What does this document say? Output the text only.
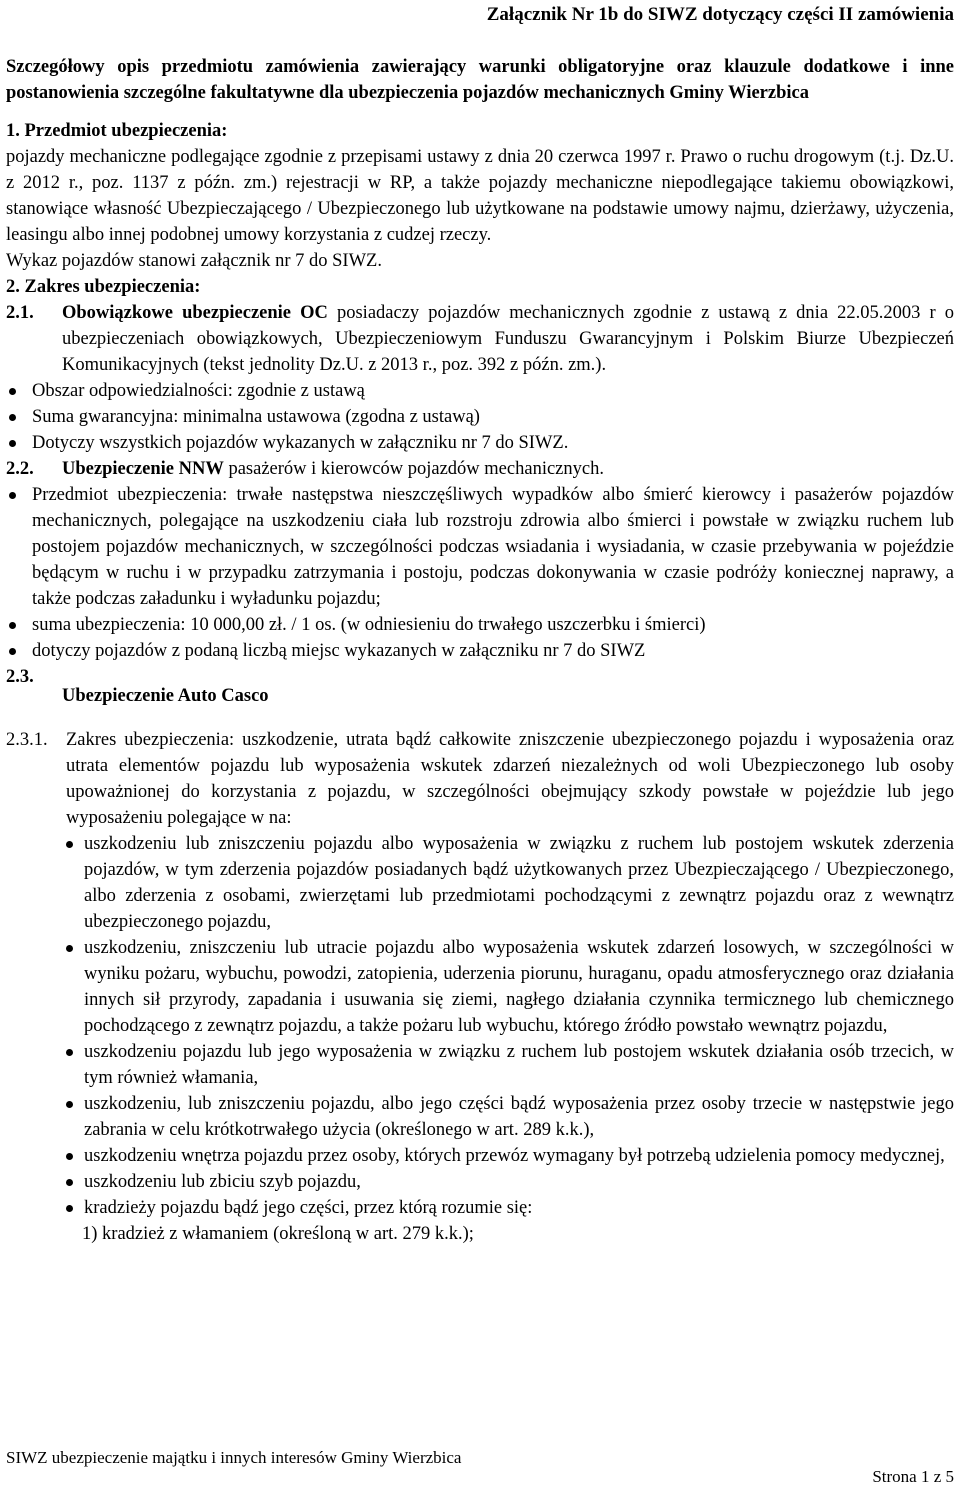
Załącznik Nr 1b do SIWZ dotyczący części II zamówienia

Szczegółowy opis przedmiotu zamówienia zawierający warunki obligatoryjne oraz klauzule dodatkowe i inne postanowienia szczególne fakultatywne dla ubezpieczenia pojazdów mechanicznych Gminy Wierzbica

1. Przedmiot ubezpieczenia:

pojazdy mechaniczne podlegające zgodnie z przepisami ustawy z dnia 20 czerwca 1997 r. Prawo o ruchu drogowym (t.j. Dz.U. z 2012 r., poz. 1137 z późn. zm.) rejestracji w RP, a także pojazdy mechaniczne niepodlegające takiemu obowiązkowi, stanowiące własność Ubezpieczającego / Ubezpieczonego lub użytkowane na podstawie umowy najmu, dzierżawy, użyczenia, leasingu albo innej podobnej umowy korzystania z cudzej rzeczy.

Wykaz pojazdów stanowi załącznik nr 7 do SIWZ.

2. Zakres ubezpieczenia:

2.1.	Obowiązkowe ubezpieczenie OC posiadaczy pojazdów mechanicznych zgodnie z ustawą z dnia 22.05.2003 r o ubezpieczeniach obowiązkowych, Ubezpieczeniowym Funduszu Gwarancyjnym i Polskim Biurze Ubezpieczeń Komunikacyjnych (tekst jednolity Dz.U. z 2013 r., poz. 392 z późn. zm.).

Obszar odpowiedzialności: zgodnie z ustawą
Suma gwarancyjna: minimalna ustawowa (zgodna z ustawą)
Dotyczy wszystkich pojazdów wykazanych w załączniku nr 7 do SIWZ.
2.2.	Ubezpieczenie NNW pasażerów i kierowców pojazdów mechanicznych.

Przedmiot ubezpieczenia: trwałe następstwa nieszczęśliwych wypadków albo śmierć kierowcy i pasażerów pojazdów mechanicznych, polegające na uszkodzeniu ciała lub rozstroju zdrowia albo śmierci i powstałe w związku ruchem lub postojem pojazdów mechanicznych, w szczególności podczas wsiadania i wysiadania, w czasie przebywania w pojeździe będącym w ruchu i w przypadku zatrzymania i postoju, podczas dokonywania w czasie podróży koniecznej naprawy, a także podczas załadunku i wyładunku pojazdu;
suma ubezpieczenia: 10 000,00 zł. / 1 os. (w odniesieniu do trwałego uszczerbku i śmierci)
dotyczy pojazdów z podaną liczbą miejsc wykazanych w załączniku nr 7 do SIWZ
2.3.

Ubezpieczenie Auto Casco

2.3.1. Zakres ubezpieczenia: uszkodzenie, utrata bądź całkowite zniszczenie ubezpieczonego pojazdu i wyposażenia oraz utrata elementów pojazdu lub wyposażenia wskutek zdarzeń niezależnych od woli Ubezpieczonego lub osoby upoważnionej do korzystania z pojazdu, w szczególności obejmujący szkody powstałe w pojeździe lub jego wyposażeniu polegające w na:

uszkodzeniu lub zniszczeniu pojazdu albo wyposażenia w związku z ruchem lub postojem wskutek zderzenia pojazdów, w tym zderzenia pojazdów posiadanych bądź użytkowanych przez Ubezpieczającego / Ubezpieczonego, albo zderzenia z osobami, zwierzętami lub przedmiotami pochodzącymi z zewnątrz pojazdu oraz z wewnątrz ubezpieczonego pojazdu,
uszkodzeniu, zniszczeniu lub utracie pojazdu albo wyposażenia wskutek zdarzeń losowych, w szczególności w wyniku pożaru, wybuchu, powodzi, zatopienia, uderzenia piorunu, huraganu, opadu atmosferycznego oraz działania innych sił przyrody, zapadania i usuwania się ziemi, nagłego działania czynnika termicznego lub chemicznego pochodzącego z zewnątrz pojazdu, a także pożaru lub wybuchu, którego źródło powstało wewnątrz pojazdu,
uszkodzeniu pojazdu lub jego wyposażenia w związku z ruchem lub postojem wskutek działania osób trzecich, w tym również włamania,
uszkodzeniu, lub zniszczeniu pojazdu, albo jego części bądź wyposażenia przez osoby trzecie w następstwie jego zabrania w celu krótkotrwałego użycia (określonego w art. 289 k.k.),
uszkodzeniu wnętrza pojazdu przez osoby, których przewóz wymagany był potrzebą udzielenia pomocy medycznej,
uszkodzeniu lub zbiciu szyb pojazdu,
kradzieży pojazdu bądź jego części, przez którą rozumie się:

1) kradzież z włamaniem (określoną w art. 279 k.k.);

SIWZ ubezpieczenie majątku i innych interesów Gminy Wierzbica
Strona 1 z 5
